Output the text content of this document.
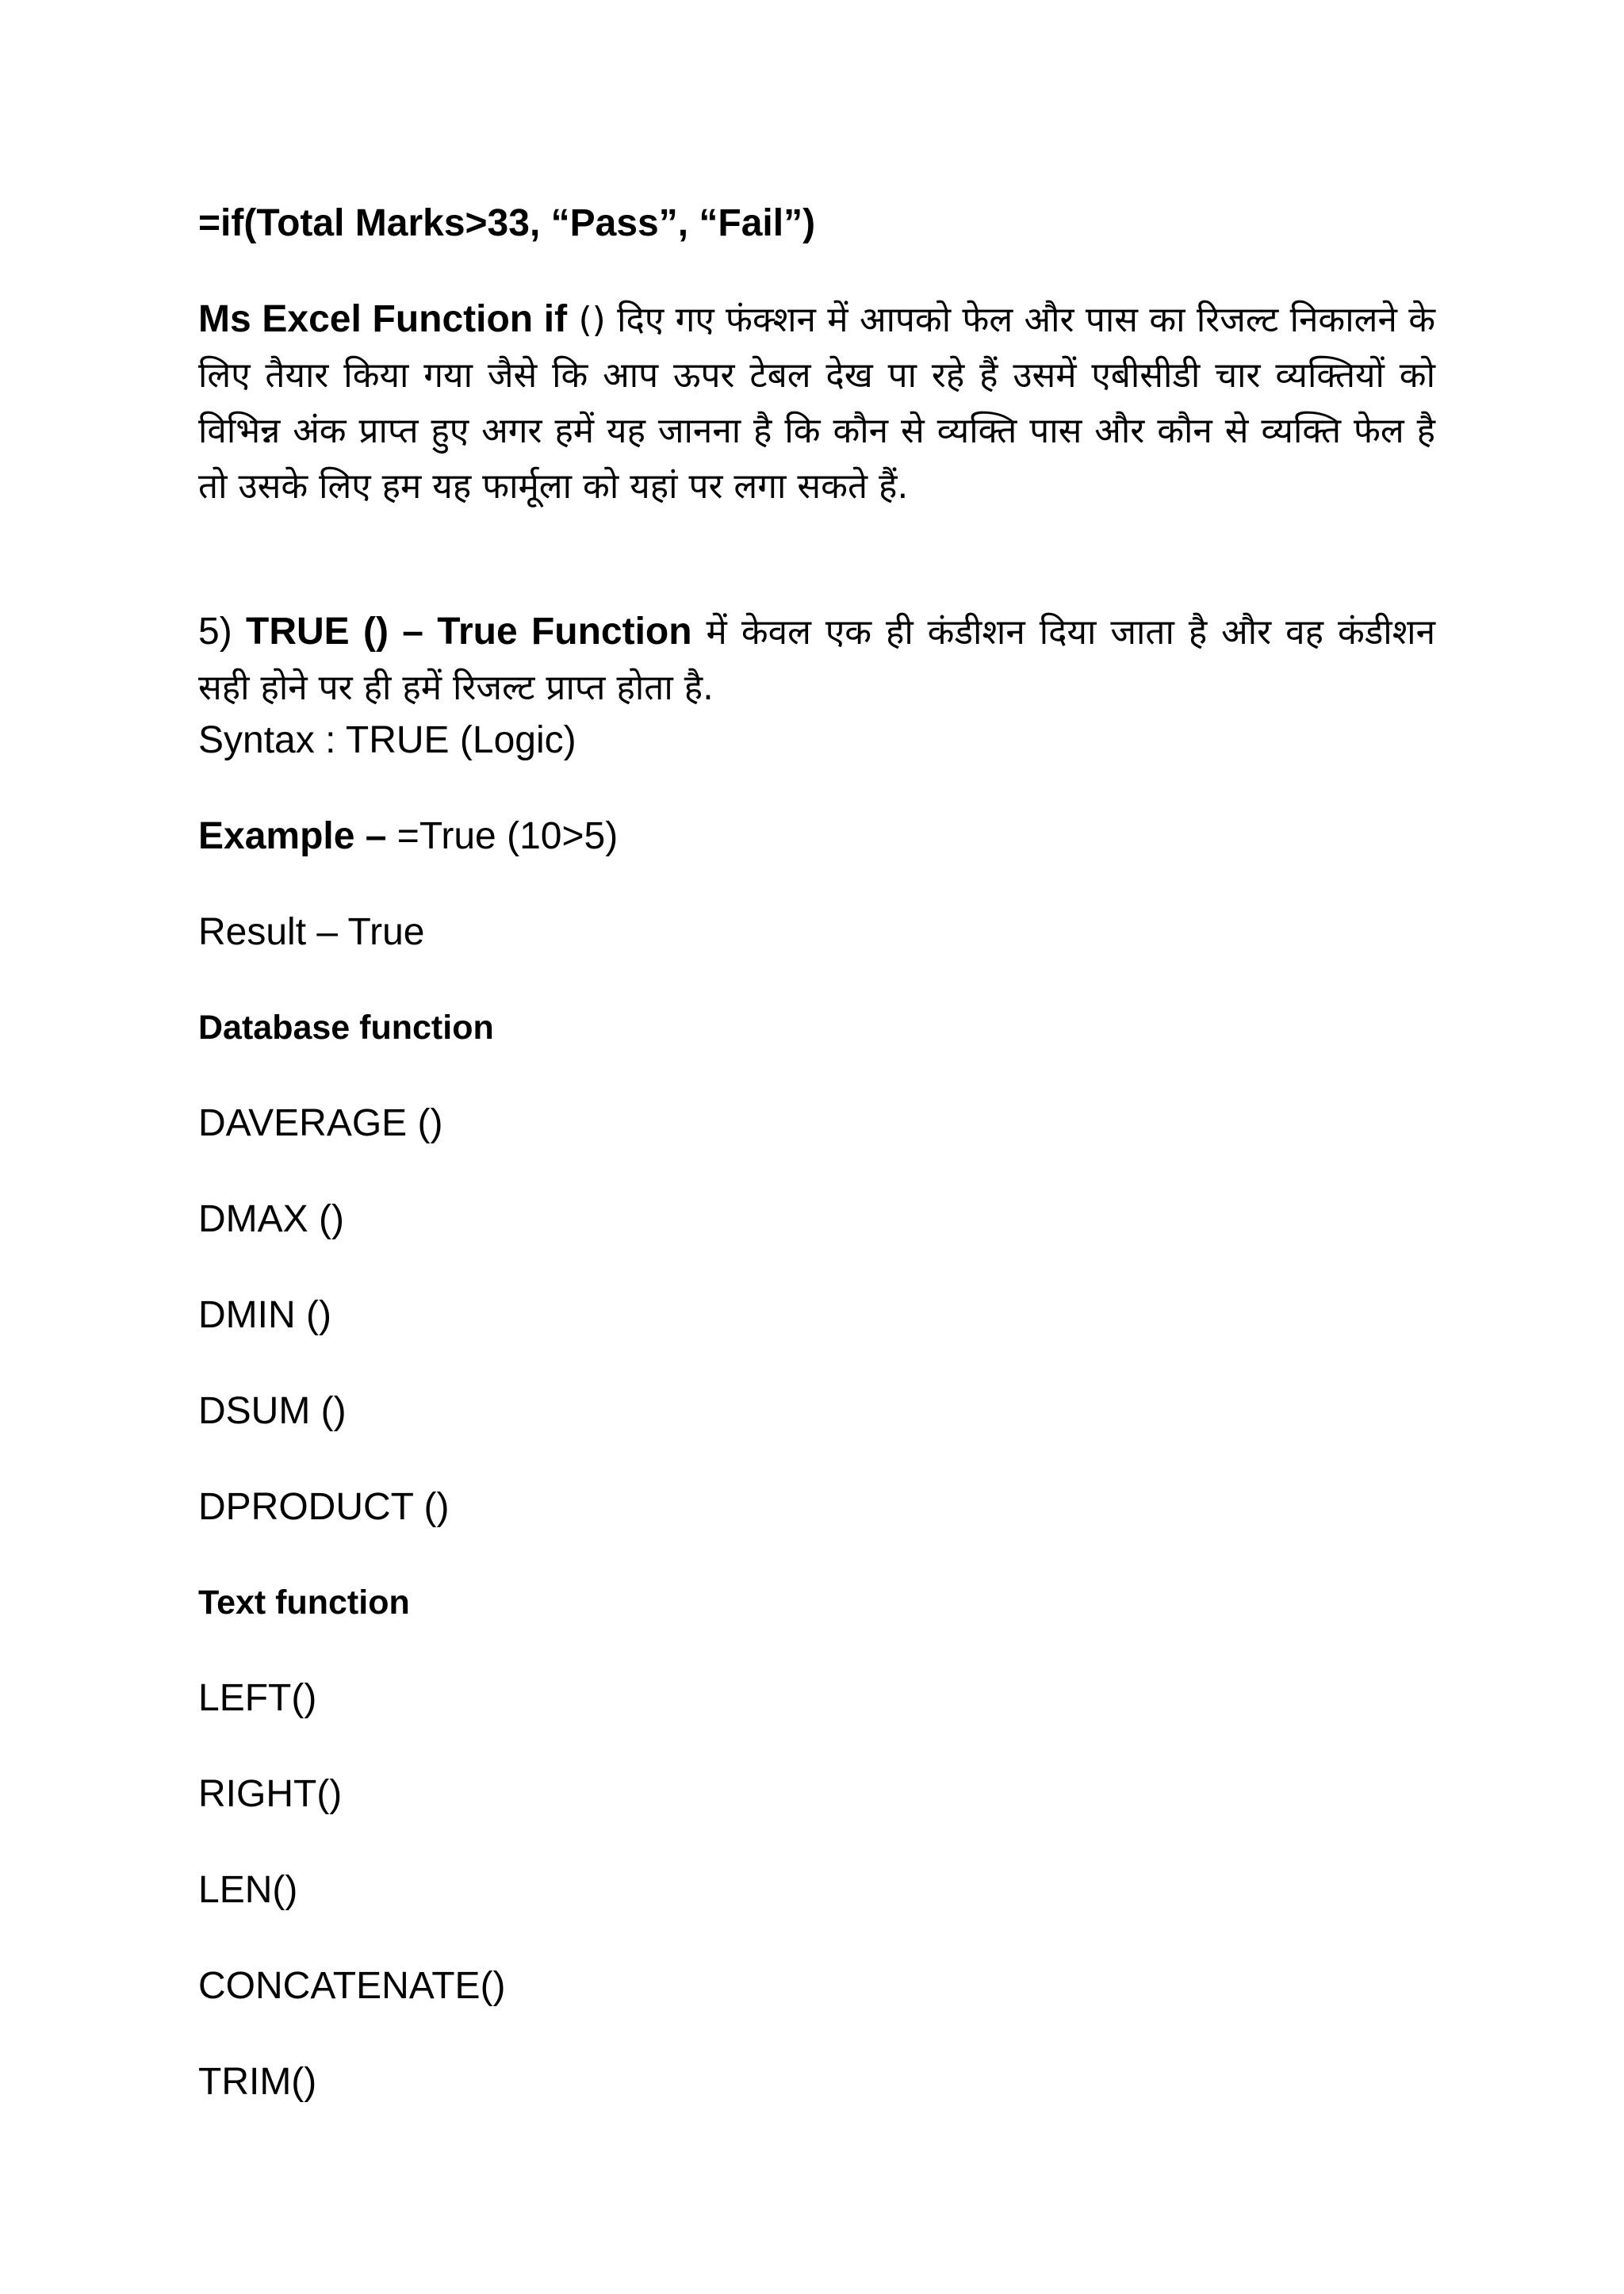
=if(Total Marks>33, “Pass”, “Fail”)
Ms Excel Function if () दिए गए फंक्शन में आपको फेल और पास का रिजल्ट निकालने के लिए तैयार किया गया जैसे कि आप ऊपर टेबल देख पा रहे हैं उसमें एबीसीडी चार व्यक्तियों को विभिन्न अंक प्राप्त हुए अगर हमें यह जानना है कि कौन से व्यक्ति पास और कौन से व्यक्ति फेल है तो उसके लिए हम यह फार्मूला को यहां पर लगा सकते हैं.
5) TRUE () – True Function में केवल एक ही कंडीशन दिया जाता है और वह कंडीशन सही होने पर ही हमें रिजल्ट प्राप्त होता है.
Syntax : TRUE (Logic)
Example – =True (10>5)
Result – True
Database function
DAVERAGE ()
DMAX ()
DMIN ()
DSUM ()
DPRODUCT ()
Text function
LEFT()
RIGHT()
LEN()
CONCATENATE()
TRIM()
